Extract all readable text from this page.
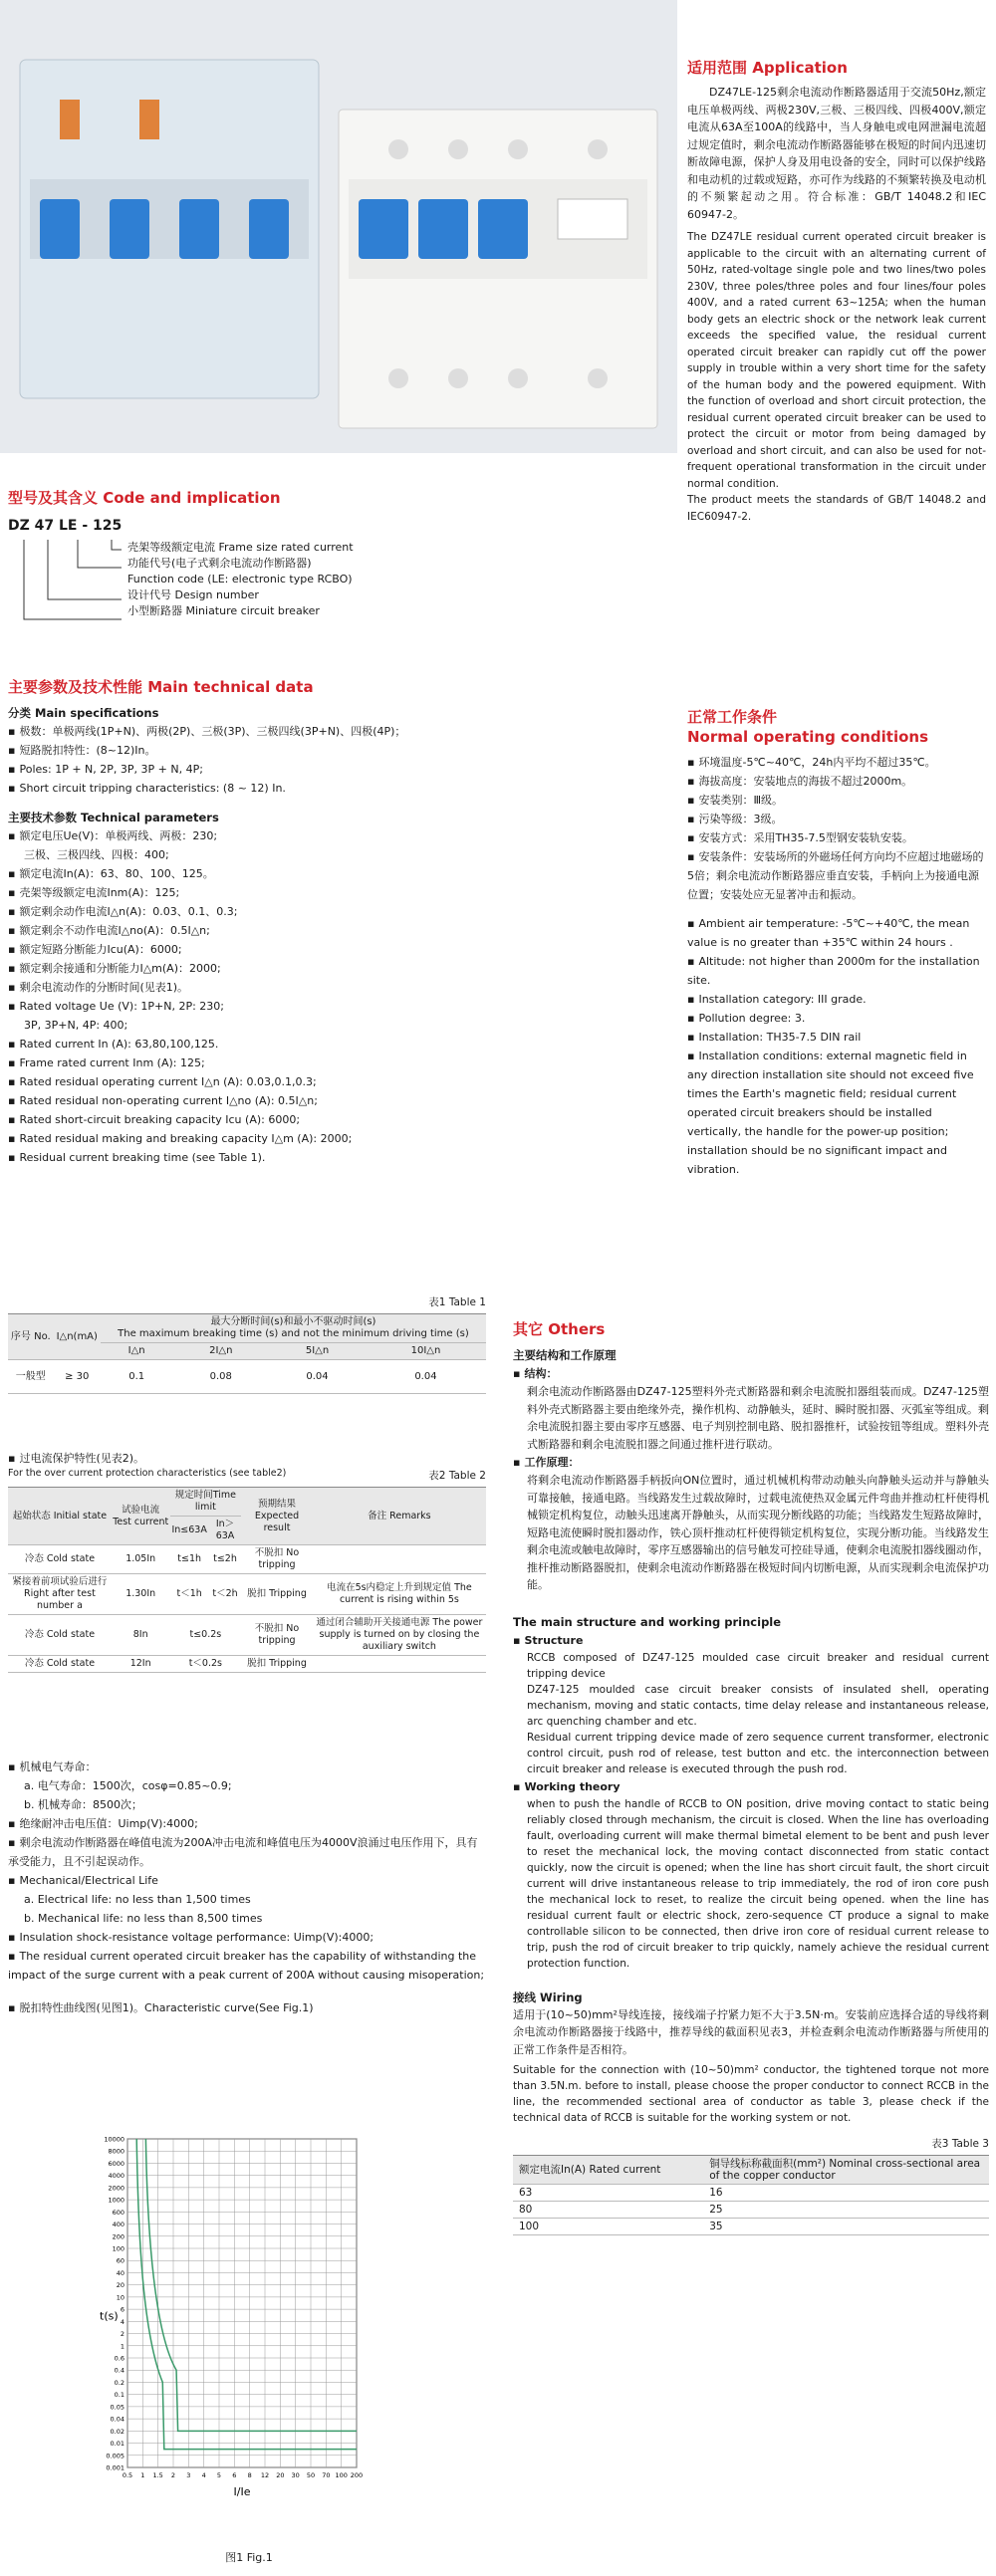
适用范围 Application
DZ47LE-125剩余电流动作断路器适用于交流50Hz,额定电压单极两线、两极230V,三极、三极四线、四极400V,额定电流从63A至100A的线路中，当人身触电或电网泄漏电流超过规定值时，剩余电流动作断路器能够在极短的时间内迅速切断故障电源，保护人身及用电设备的安全，同时可以保护线路和电动机的过载或短路，亦可作为线路的不频繁转换及电动机的不频繁起动之用。符合标准：GB/T 14048.2和IEC 60947-2。
The DZ47LE residual current operated circuit breaker is applicable to the circuit with an alternating current of 50Hz, rated-voltage single pole and two lines/two poles 230V, three poles/three poles and four lines/four poles 400V, and a rated current 63~125A; when the human body gets an electric shock or the network leak current exceeds the specified value, the residual current operated circuit breaker can rapidly cut off the power supply in trouble within a very short time for the safety of the human body and the powered equipment. With the function of overload and short circuit protection, the residual current operated circuit breaker can be used to protect the circuit or motor from being damaged by overload and short circuit, and can also be used for not-frequent operational transformation in the circuit under normal condition.
The product meets the standards of GB/T 14048.2 and IEC60947-2.
型号及其含义 Code and implication
DZ 47 LE - 125
壳架等级额定电流 Frame size rated current
功能代号(电子式剩余电流动作断路器)
Function code (LE: electronic type RCBO)
设计代号 Design number
小型断路器 Miniature circuit breaker
主要参数及技术性能 Main technical data
分类 Main specifications
▪ 极数：单极两线(1P+N)、两极(2P)、三极(3P)、三极四线(3P+N)、四极(4P)；
▪ 短路脱扣特性：(8~12)In。
▪ Poles: 1P + N, 2P, 3P, 3P + N, 4P;
▪ Short circuit tripping characteristics: (8 ~ 12) In.
主要技术参数 Technical parameters
▪ 额定电压Ue(V)：单极两线、两极：230;
三极、三极四线、四极：400;
▪ 额定电流In(A)：63、80、100、125。
▪ 壳架等级额定电流Inm(A)：125;
▪ 额定剩余动作电流I△n(A)：0.03、0.1、0.3;
▪ 额定剩余不动作电流I△no(A)：0.5I△n;
▪ 额定短路分断能力Icu(A)：6000;
▪ 额定剩余接通和分断能力I△m(A)：2000;
▪ 剩余电流动作的分断时间(见表1)。
▪ Rated voltage Ue (V): 1P+N, 2P: 230;
3P, 3P+N, 4P: 400;
▪ Rated current In (A): 63,80,100,125.
▪ Frame rated current Inm (A): 125;
▪ Rated residual operating current I△n (A): 0.03,0.1,0.3;
▪ Rated residual non-operating current I△no (A): 0.5I△n;
▪ Rated short-circuit breaking capacity Icu (A): 6000;
▪ Rated residual making and breaking capacity I△m (A): 2000;
▪ Residual current breaking time (see Table 1).
正常工作条件
Normal operating conditions
▪ 环境温度-5℃~40℃，24h内平均不超过35℃。
▪ 海拔高度：安装地点的海拔不超过2000m。
▪ 安装类别：Ⅲ级。
▪ 污染等级：3级。
▪ 安装方式：采用TH35-7.5型钢安装轨安装。
▪ 安装条件：安装场所的外磁场任何方向均不应超过地磁场的5倍；剩余电流动作断路器应垂直安装，手柄向上为接通电源位置；安装处应无显著冲击和振动。
▪ Ambient air temperature: -5℃~+40℃, the mean value is no greater than +35℃ within 24 hours .
▪ Altitude: not higher than 2000m for the installation site.
▪ Installation category: III grade.
▪ Pollution degree: 3.
▪ Installation: TH35-7.5 DIN rail
▪ Installation conditions: external magnetic field in any direction installation site should not exceed five times the Earth's magnetic field; residual current operated circuit breakers should be installed vertically, the handle for the power-up position; installation should be no significant impact and vibration.
表1 Table 1
序号 No.	I△n(mA)	最大分断时间(s)和最小不驱动时间(s)
The maximum breaking time (s) and not the minimum driving time (s)			
		I△n	2I△n	5I△n	10I△n
一般型	≥ 30	0.1	0.08	0.04	0.04
▪ 过电流保护特性(见表2)。
For the over current protection characteristics (see table2)	表2 Table 2
起始状态 Initial state	试验电流 Test current	规定时间Time limit		预期结果 Expected result	备注 Remarks
		In≤63A	In＞63A		
冷态 Cold state	1.05In	t≤1h	t≤2h	不脱扣 No tripping	
紧接着前项试验后进行 Right after test number a	1.30In	t＜1h	t＜2h	脱扣 Tripping	电流在5s内稳定上升到规定值 The current is rising within 5s
冷态 Cold state	8In	t≤0.2s		不脱扣 No tripping	通过闭合辅助开关接通电源 The power supply is turned on by closing the auxiliary switch
冷态 Cold state	12In	t＜0.2s		脱扣 Tripping	
▪ 机械电气寿命：
a. 电气寿命：1500次，cosφ=0.85~0.9;
b. 机械寿命：8500次；
▪ 绝缘耐冲击电压值：Uimp(V):4000;
▪ 剩余电流动作断路器在峰值电流为200A冲击电流和峰值电压为4000V浪涌过电压作用下，具有承受能力，且不引起误动作。
▪ Mechanical/Electrical Life
a. Electrical life: no less than 1,500 times
b. Mechanical life: no less than 8,500 times
▪ Insulation shock-resistance voltage performance: Uimp(V):4000;
▪ The residual current operated circuit breaker has the capability of withstanding the impact of the surge current with a peak current of 200A without causing misoperation;
▪ 脱扣特性曲线图(见图1)。Characteristic curve(See Fig.1)
10000
8000
6000
4000
2000
1000
600
400
200
100
60
40
20
10
6
4
2
1
0.6
0.4
0.2
0.1
0.05
0.04
0.02
0.01
0.005
0.001
0.5 1 1.5 2 3 4 5 6 8 12 20 30 50 70 100 200
t(s)
I/Ie
图1 Fig.1
其它 Others
主要结构和工作原理
▪ 结构：
剩余电流动作断路器由DZ47-125塑料外壳式断路器和剩余电流脱扣器组装而成。DZ47-125塑料外壳式断路器主要由绝缘外壳，操作机构、动静触头，延时、瞬时脱扣器、灭弧室等组成。剩余电流脱扣器主要由零序互感器、电子判别控制电路、脱扣器推杆，试验按钮等组成。塑料外壳式断路器和剩余电流脱扣器之间通过推杆进行联动。
▪ 工作原理：
将剩余电流动作断路器手柄扳向ON位置时，通过机械机构带动动触头向静触头运动并与静触头可靠接触，接通电路。当线路发生过载故障时，过载电流使热双金属元件弯曲并推动杠杆使得机械锁定机构复位，动触头迅速离开静触头，从而实现分断线路的功能；当线路发生短路故障时，短路电流使瞬时脱扣器动作，铁心顶杆推动杠杆使得锁定机构复位，实现分断功能。当线路发生剩余电流或触电故障时，零序互感器输出的信号触发可控硅导通，使剩余电流脱扣器线圈动作，推杆推动断路器脱扣，使剩余电流动作断路器在极短时间内切断电源，从而实现剩余电流保护功能。
The main structure and working principle
▪ Structure
RCCB composed of DZ47-125 moulded case circuit breaker and residual current tripping device
DZ47-125 moulded case circuit breaker consists of insulated shell, operating mechanism, moving and static contacts, time delay release and instantaneous release, arc quenching chamber and etc.
Residual current tripping device made of zero sequence current transformer, electronic control circuit, push rod of release, test button and etc. the interconnection between circuit breaker and release is executed through the push rod.
▪ Working theory
when to push the handle of RCCB to ON position, drive moving contact to static being reliably closed through mechanism, the circuit is closed. When the line has overloading fault, overloading current will make thermal bimetal element to be bent and push lever to reset the mechanical lock, the moving contact disconnected from static contact quickly, now the circuit is opened; when the line has short circuit fault, the short circuit current will drive instantaneous release to trip immediately, the rod of iron core push the mechanical lock to reset, to realize the circuit being opened. when the line has residual current fault or electric shock, zero-sequence CT produce a signal to make controllable silicon to be connected, then drive iron core of residual current release to trip, push the rod of circuit breaker to trip quickly, namely achieve the residual current protection function.
接线 Wiring
适用于(10~50)mm²导线连接，接线端子拧紧力矩不大于3.5N·m。安装前应选择合适的导线将剩余电流动作断路器接于线路中，推荐导线的截面积见表3，并检查剩余电流动作断路器与所使用的正常工作条件是否相符。
Suitable for the connection with (10~50)mm² conductor, the tightened torque not more than 3.5N.m. before to install, please choose the proper conductor to connect RCCB in the line, the recommended sectional area of conductor as table 3, please check if the technical data of RCCB is suitable for the working system or not.
表3 Table 3
额定电流In(A) Rated current	铜导线标称截面积(mm²) Nominal cross-sectional area of the copper conductor
63	16
80	25
100	35
